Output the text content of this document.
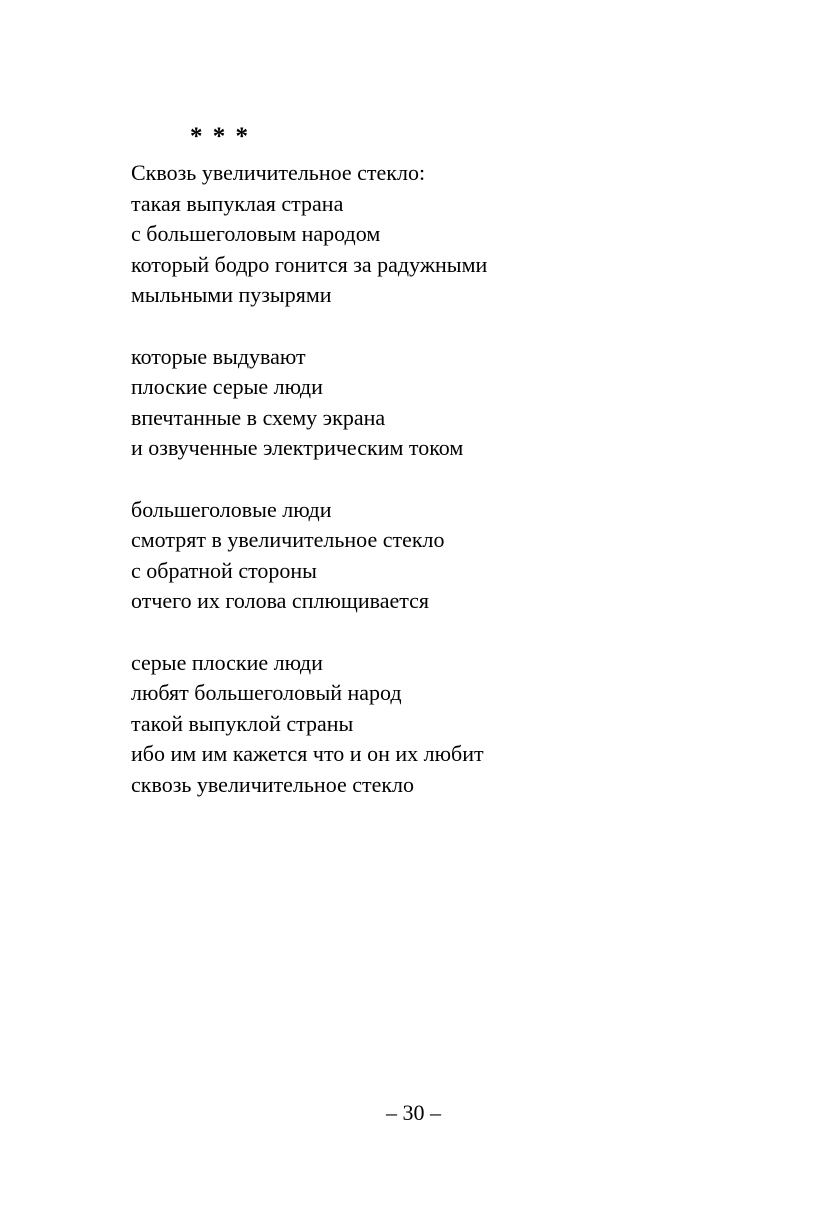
* * *
Сквозь увеличительное стекло:
такая выпуклая страна
с большеголовым народом
который бодро гонится за радужными
мыльными пузырями
которые выдувают
плоские серые люди
впечтанные в схему экрана
и озвученные электрическим током
большеголовые люди
смотрят в увеличительное стекло
с обратной стороны
отчего их голова сплющивается
серые плоские люди
любят большеголовый народ
такой выпуклой страны
ибо им им кажется что и он их любит
сквозь увеличительное стекло
– 30 –
